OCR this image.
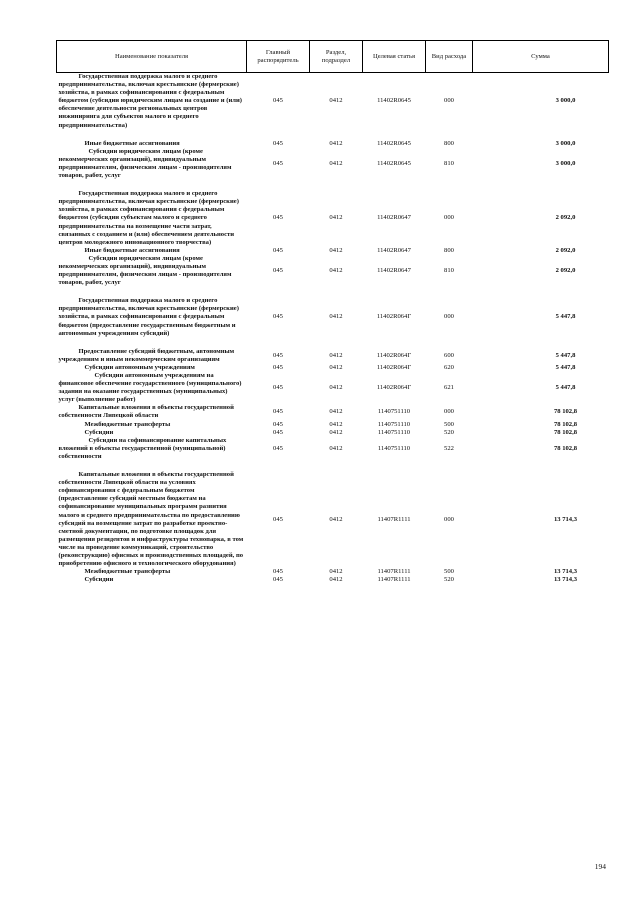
Наименование показателя	Главный распорядитель	Раздел, подраздел	Целевая статья	Вид расхода	Сумма
Государственная поддержка малого и среднего предпринимательства, включая крестьянские (фермерские) хозяйства, в рамках софинансирования с федеральным бюджетом (субсидии юридическим лицам на создание и (или) обеспечение деятельности региональных центров инжиниринга для субъектов малого и среднего предпринимательства)	045	0412	11402R0645	000	3 000,0

Иные бюджетные ассигнования	045	0412	11402R0645	800	3 000,0
Субсидии юридическим лицам (кроме некоммерческих организаций), индивидуальным предпринимателям, физическим лицам - производителям товаров, работ, услуг	045	0412	11402R0645	810	3 000,0

Государственная поддержка малого и среднего предпринимательства, включая крестьянские (фермерские) хозяйства, в рамках софинансирования с федеральным бюджетом (субсидии субъектам малого и среднего предпринимательства на возмещение части затрат, связанных с созданием и (или) обеспечением деятельности центров молодежного инновационного творчества)	045	0412	11402R0647	000	2 092,0
Иные бюджетные ассигнования	045	0412	11402R0647	800	2 092,0
Субсидии юридическим лицам (кроме некоммерческих организаций), индивидуальным предпринимателям, физическим лицам - производителям товаров, работ, услуг	045	0412	11402R0647	810	2 092,0

Государственная поддержка малого и среднего предпринимательства, включая крестьянские (фермерские) хозяйства, в рамках софинансирования с федеральным бюджетом (предоставление государственным бюджетным и автономным учреждениям субсидий)	045	0412	11402R064Г	000	5 447,8

Предоставление субсидий бюджетным, автономным учреждениям и иным некоммерческим организациям	045	0412	11402R064Г	600	5 447,8
Субсидии автономным учреждениям	045	0412	11402R064Г	620	5 447,8
Субсидии автономным учреждениям на финансовое обеспечение государственного (муниципального) задания на оказание государственных (муниципальных) услуг (выполнение работ)	045	0412	11402R064Г	621	5 447,8
Капитальные вложения в объекты государственной собственности Липецкой области	045	0412	1140751110	000	78 102,8
Межбюджетные трансферты	045	0412	1140751110	500	78 102,8
Субсидии	045	0412	1140751110	520	78 102,8
Субсидии на софинансирование капитальных вложений в объекты государственной (муниципальной) собственности	045	0412	1140751110	522	78 102,8

Капитальные вложения в объекты государственной собственности Липецкой области на условиях софинансирования с федеральным бюджетом (предоставление субсидий местным бюджетам на софинансирование муниципальных программ развития малого и среднего предпринимательства по предоставлению субсидий на возмещение затрат по разработке проектно-сметной документации, по подготовке площадок для размещения резидентов и инфраструктуры технопарка, в том числе на проведение коммуникаций, строительство (реконструкцию) офисных и производственных площадей, по приобретению офисного и технологического оборудования)	045	0412	11407R1111	000	13 714,3
Межбюджетные трансферты	045	0412	11407R1111	500	13 714,3
Субсидии	045	0412	11407R1111	520	13 714,3
194
